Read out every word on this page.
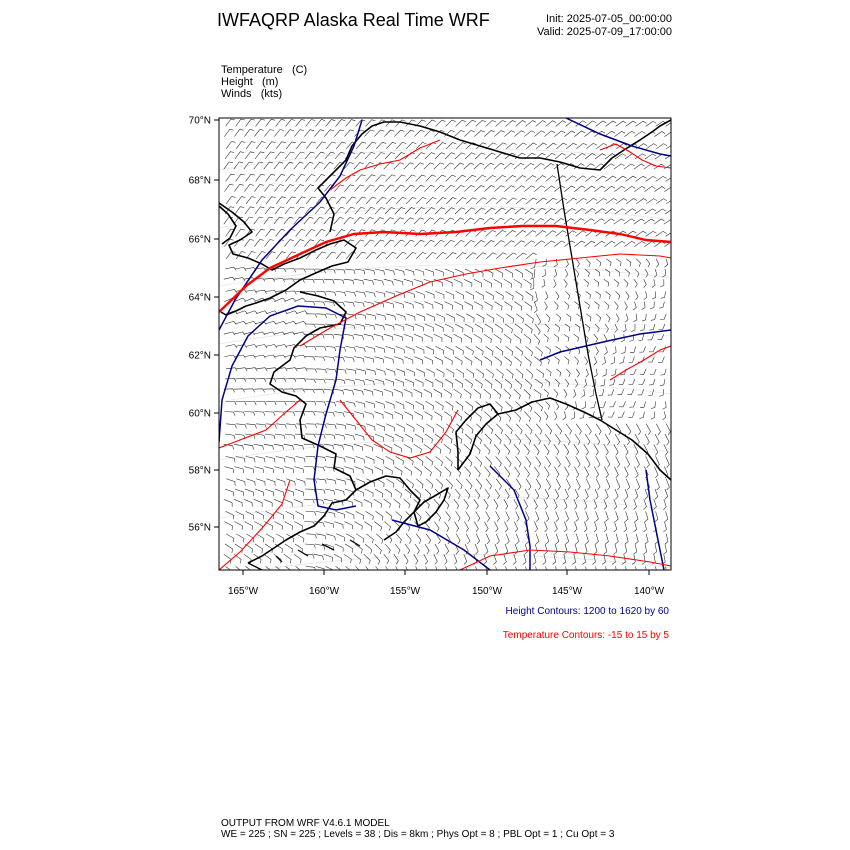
IWFAQRP Alaska Real Time WRF	Init: 2025-07-05_00:00:00
Valid: 2025-07-09_17:00:00
Temperature (C)
Height (m)
Winds (kts)
70°N
68°N
66°N
64°N
62°N
60°N
58°N
56°N
165°W	160°W	155°W	150°W	145°W	140°W
Height Contours: 1200 to 1620 by 60
Temperature Contours: -15 to 15 by 5
OUTPUT FROM WRF V4.6.1 MODEL
WE = 225 ; SN = 225 ; Levels = 38 ; Dis = 8km ; Phys Opt = 8 ; PBL Opt = 1 ; Cu Opt = 3
